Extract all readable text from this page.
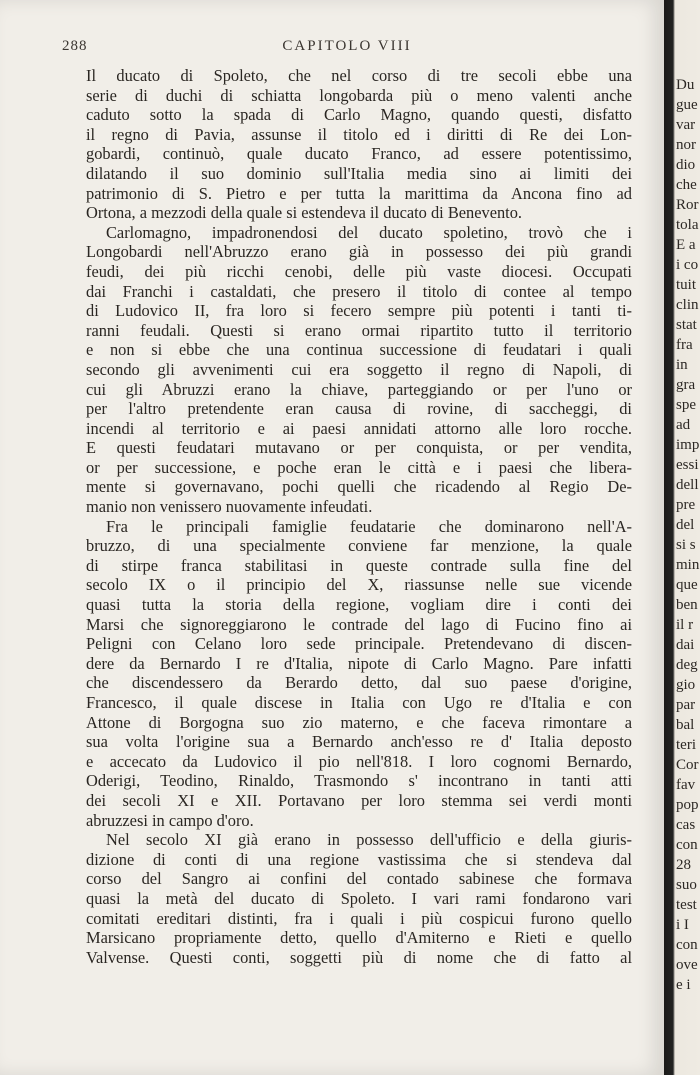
288	CAPITOLO VIII
Il ducato di Spoleto, che nel corso di tre secoli ebbe una
serie di duchi di schiatta longobarda più o meno valenti anche
caduto sotto la spada di Carlo Magno, quando questi, disfatto
il regno di Pavia, assunse il titolo ed i diritti di Re dei Lon-
gobardi, continuò, quale ducato Franco, ad essere potentissimo,
dilatando il suo dominio sull'Italia media sino ai limiti dei
patrimonio di S. Pietro e per tutta la marittima da Ancona fino ad
Ortona, a mezzodi della quale si estendeva il ducato di Benevento.
Carlomagno, impadronendosi del ducato spoletino, trovò che i
Longobardi nell'Abruzzo erano già in possesso dei più grandi
feudi, dei più ricchi cenobi, delle più vaste diocesi. Occupati
dai Franchi i castaldati, che presero il titolo di contee al tempo
di Ludovico II, fra loro si fecero sempre più potenti i tanti ti-
ranni feudali. Questi si erano ormai ripartito tutto il territorio
e non si ebbe che una continua successione di feudatari i quali
secondo gli avvenimenti cui era soggetto il regno di Napoli, di
cui gli Abruzzi erano la chiave, parteggiando or per l'uno or
per l'altro pretendente eran causa di rovine, di saccheggi, di
incendi al territorio e ai paesi annidati attorno alle loro rocche.
E questi feudatari mutavano or per conquista, or per vendita,
or per successione, e poche eran le città e i paesi che libera-
mente si governavano, pochi quelli che ricadendo al Regio De-
manio non venissero nuovamente infeudati.
Fra le principali famiglie feudatarie che dominarono nell'A-
bruzzo, di una specialmente conviene far menzione, la quale
di stirpe franca stabilitasi in queste contrade sulla fine del
secolo IX o il principio del X, riassunse nelle sue vicende
quasi tutta la storia della regione, vogliam dire i conti dei
Marsi che signoreggiarono le contrade del lago di Fucino fino ai
Peligni con Celano loro sede principale. Pretendevano di discen-
dere da Bernardo I re d'Italia, nipote di Carlo Magno. Pare infatti
che discendessero da Berardo detto, dal suo paese d'origine,
Francesco, il quale discese in Italia con Ugo re d'Italia e con
Attone di Borgogna suo zio materno, e che faceva rimontare a
sua volta l'origine sua a Bernardo anch'esso re d' Italia deposto
e accecato da Ludovico il pio nell'818. I loro cognomi Bernardo,
Oderigi, Teodino, Rinaldo, Trasmondo s' incontrano in tanti atti
dei secoli XI e XII. Portavano per loro stemma sei verdi monti
abruzzesi in campo d'oro.
Nel secolo XI già erano in possesso dell'ufficio e della giuris-
dizione di conti di una regione vastissima che si stendeva dal
corso del Sangro ai confini del contado sabinese che formava
quasi la metà del ducato di Spoleto. I vari rami fondarono vari
comitati ereditari distinti, fra i quali i più cospicui furono quello
Marsicano propriamente detto, quello d'Amiterno e Rieti e quello
Valvense. Questi conti, soggetti più di nome che di fatto al
Du
gue
var
nor
dio
che
Ror
tola
E a
i co
tuit
clin
stat
fra
in
gra
spe
ad
imp
essi
dell
pre
del
si s
min
que
ben
il r
dai
deg
gio
par
bal
teri
Cor
fav
pop
cas
con
28
suo
test
i I
con
ove
e i
